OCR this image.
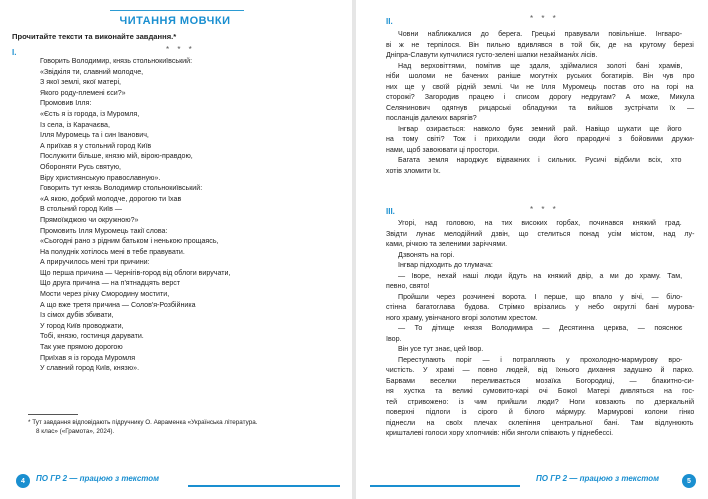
ЧИТАННЯ МОВЧКИ
Прочитайте тексти та виконайте завдання.*
I.	* * *
Говорить Володимир, князь стольнокиївський:
«Звідкіля ти, славний молодче,
З якої землі, якої матері,
Якого роду-племені єси?»
Промовив Ілля:
«Єсть я із города, із Муромля,
Із села, із Карачаєва,
Ілля Муромець та і син Іванович,
А приїхав я у стольний город Київ
Послужити більше, князю мій, вірою-правдою,
Обороняти Русь святую,
Віру християнськую православную».
Говорить тут князь Володимир стольнокиївський:
«А якою, добрий молодче, дорогою ти їхав
В стольний город Київ —
Прямоїжджою чи окружною?»
Промовить Ілля Муромець такії слова:
«Сьогодні рано з рідним батьком і ненькою прощаясь,
На полуднік хотілось мені в тебе правувати.
А приручилось мені три причини:
Що перша причина — Чернігів-город від облоги виручати,
Що друга причина — на п'ятнадцять верст
Мости через річку Смородину мостити,
А що вже третя причина — Солов'я-Розбійника
Із сімох дубів збивати,
У город Київ проводжати,
Тобі, князю, гостинця дарувати.
Так уже прямою дорогою
Приїхав я із города Муромля
У славний город Київ, князю».
* Тут завдання відповідають підручнику О. Авраменка «Українська література.
8 клас» («Грамота», 2024).
4	ПО ГР 2 — працюю з текстом
II.	* * *
Човни наближалися до берега. Грецькі правували повільніше. Інгваро-
ві ж не терпілося. Він пильно вдивлявся в той бік, де на крутому березі
Дніпра-Славути купчилися густо-зелені шапки незаймани́х лісів.
Над верховіттями, помітив ще здаля, здіймалися золоті бані храмів,
ніби шоломи не бачених раніше могутніх руських богатирів. Він чув про
них ще у своїй рідній землі. Чи не Ілля Муромець постав ото на горі на
сторожі? Загородив працею і списом дорогу недругам? А може, Микула
Селянинович одягнув рицарські обладунки та вийшов зустрічати їх —
посланців далеких варягів?
Інгвар озирається: навколо буяє земний рай. Навіщо шукати ще його
на тому світі? Тож і приходили сюди його прародичі з бойовими дружи-
нами, щоб завоювати ці простори.
Багата земля народжує відважних і сильних. Русичі відбили всіх, хто
хотів зломити їх.
III.	* * *
Угорі, над головою, на тих високих горбах, починався княжий град.
Звідти лунає мелодійний дзвін, що стелиться понад усім містом, над лу-
ками, річкою та зеленими заріччями.
Дзвонять на горі.
Інгвар підходить до тлумача:
— Іворе, нехай наші люди йдуть на княжий двір, а ми до храму. Там,
певно, свято!
Пройшли через розчинені ворота. І перше, що впало у вічі, — біло-
стінна багатоглава будова. Стрімко врізались у небо округлі бані мурова-
ного храму, увінчаного вгорі золотим хрестом.
— То дітище князя Володимира — Десятинна церква, — пояснює
Івор.
Він усе тут знає, цей Івор.
Переступають поріг — і потрапляють у прохолодно-мармурову вро-
чистість. У храмі — повно людей, від їхнього дихання задушно й парко.
Барвами веселки переливається мозаїка Богородиці, — блакитно-си-
ня хустка та великі сумовито-карі очі Божої Матері дивляться на гос-
тей стривожено: із чим прийшли люди? Ноги ковзають по дзеркальній
поверхні підлоги із сірого й білого ма́рмуру. Мармурові колони гінко
піднесли на своїх плечах склепіння центральної бані. Там відлунюють
кришталеві голоси хору хлопчиків: ніби янголи співають у піднебессі.
ПО ГР 2 — працюю з текстом	5
